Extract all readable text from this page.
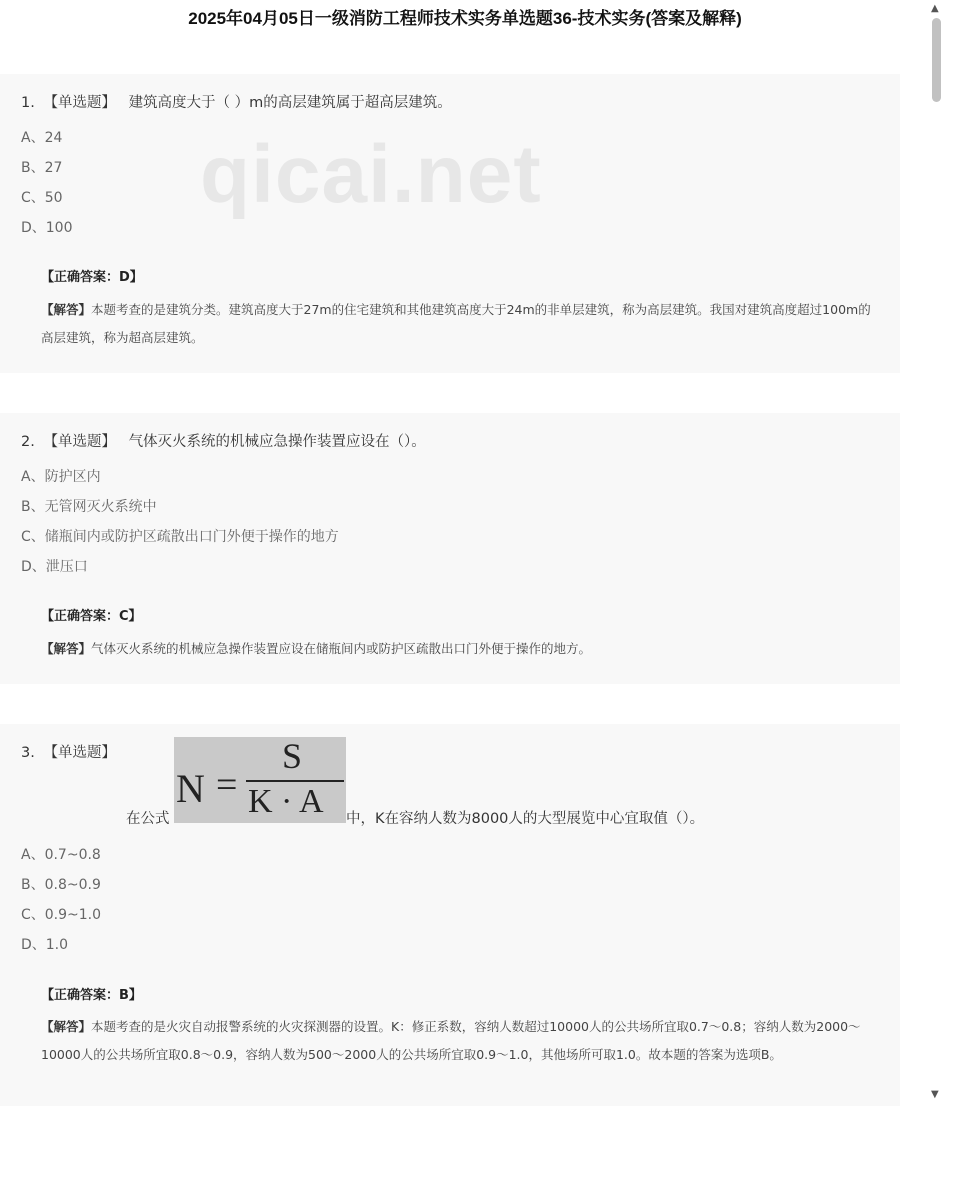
2025年04月05日一级消防工程师技术实务单选题36-技术实务(答案及解释)
1. 【单选题】 建筑高度大于（ ）m的高层建筑属于超高层建筑。
A、24
B、27
C、50
D、100
qicai.net
【正确答案：D】
【解答】本题考查的是建筑分类。建筑高度大于27m的住宅建筑和其他建筑高度大于24m的非单层建筑，称为高层建筑。我国对建筑高度超过100m的高层建筑，称为超高层建筑。
2. 【单选题】 气体灭火系统的机械应急操作装置应设在（）。
A、防护区内
B、无管网灭火系统中
C、储瓶间内或防护区疏散出口门外便于操作的地方
D、泄压口
【正确答案：C】
【解答】气体灭火系统的机械应急操作装置应设在储瓶间内或防护区疏散出口门外便于操作的地方。
3. 【单选题】
N =
S
K · A
在公式	中，K在容纳人数为8000人的大型展览中心宜取值（）。
A、0.7~0.8
B、0.8~0.9
C、0.9~1.0
D、1.0
【正确答案：B】
【解答】本题考查的是火灾自动报警系统的火灾探测器的设置。K：修正系数，容纳人数超过10000人的公共场所宜取0.7～0.8；容纳人数为2000～10000人的公共场所宜取0.8～0.9，容纳人数为500～2000人的公共场所宜取0.9～1.0，其他场所可取1.0。故本题的答案为选项B。
▲
▼
